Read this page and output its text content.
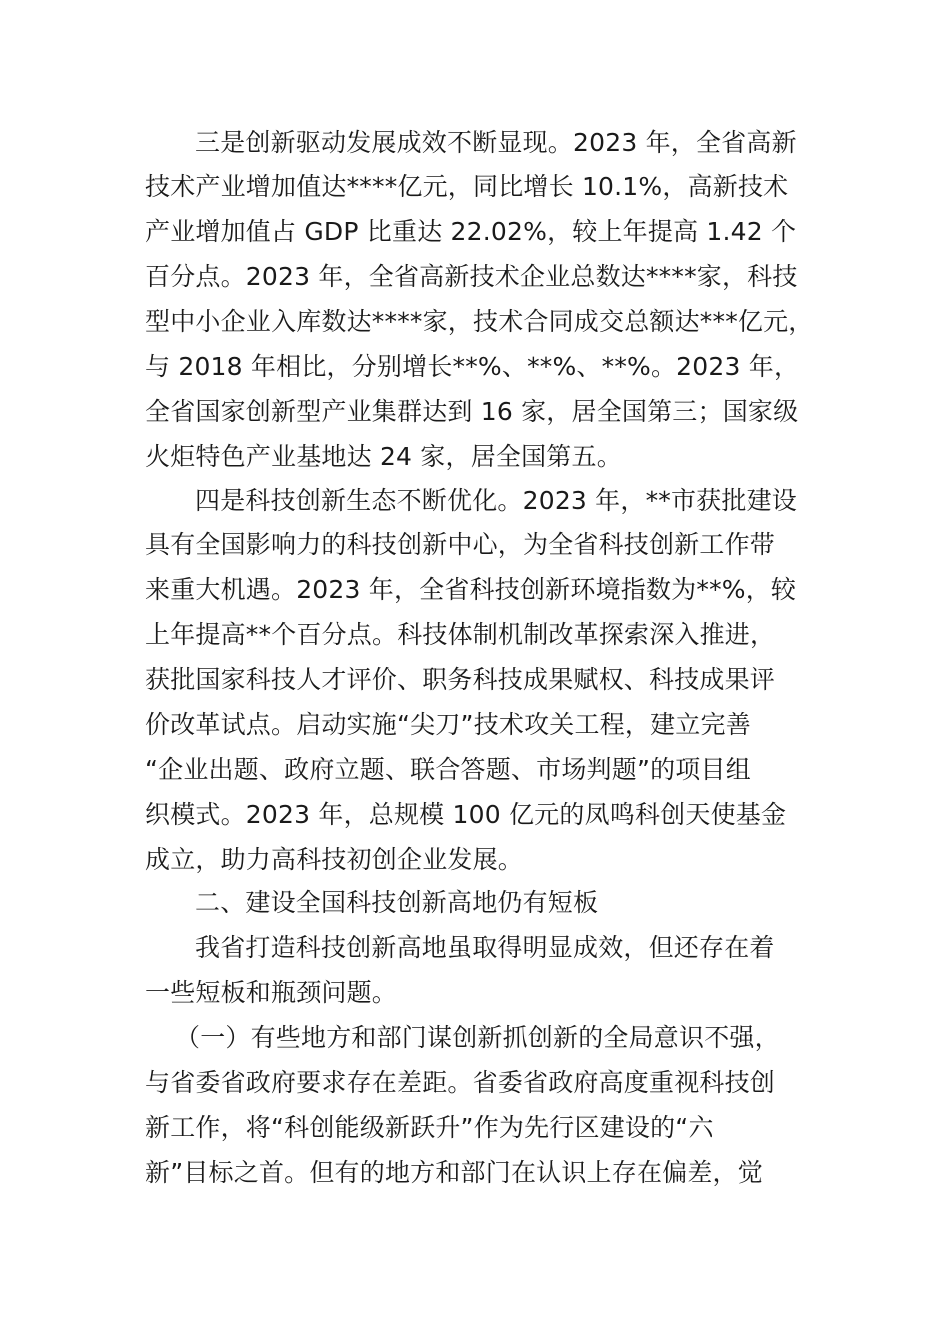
三是创新驱动发展成效不断显现。2023 年，全省高新

技术产业增加值达****亿元，同比增长 10.1%，高新技术

产业增加值占 GDP 比重达 22.02%，较上年提高 1.42 个

百分点。2023 年，全省高新技术企业总数达****家，科技

型中小企业入库数达****家，技术合同成交总额达***亿元，

与 2018 年相比，分别增长**%、**%、**%。2023 年，

全省国家创新型产业集群达到 16 家，居全国第三；国家级

火炬特色产业基地达 24 家，居全国第五。

四是科技创新生态不断优化。2023 年，**市获批建设

具有全国影响力的科技创新中心，为全省科技创新工作带

来重大机遇。2023 年，全省科技创新环境指数为**%，较

上年提高**个百分点。科技体制机制改革探索深入推进，

获批国家科技人才评价、职务科技成果赋权、科技成果评

价改革试点。启动实施“尖刀”技术攻关工程，建立完善

“企业出题、政府立题、联合答题、市场判题”的项目组

织模式。2023 年，总规模 100 亿元的凤鸣科创天使基金

成立，助力高科技初创企业发展。

二、建设全国科技创新高地仍有短板

我省打造科技创新高地虽取得明显成效，但还存在着

一些短板和瓶颈问题。

（一）有些地方和部门谋创新抓创新的全局意识不强，

与省委省政府要求存在差距。省委省政府高度重视科技创

新工作，将“科创能级新跃升”作为先行区建设的“六

新”目标之首。但有的地方和部门在认识上存在偏差，觉
